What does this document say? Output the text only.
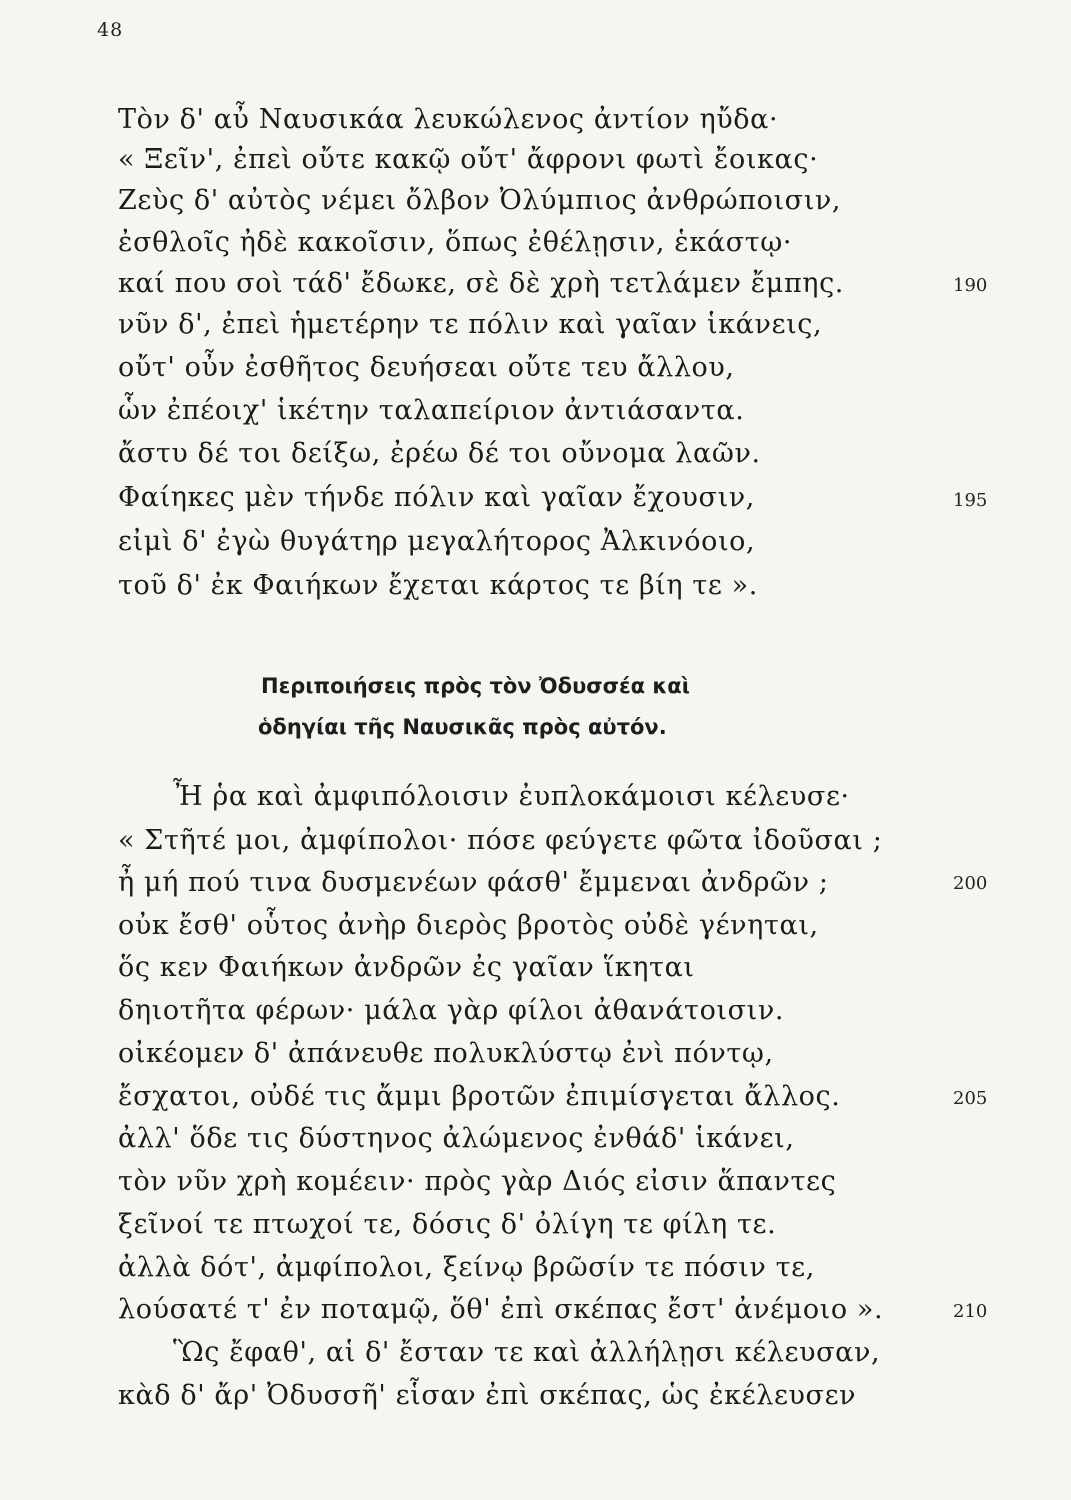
48
Τὸν δ' αὖ Ναυσικάα λευκώλενος ἀντίον ηὔδα·
« Ξεῖν', ἐπεὶ οὔτε κακῷ οὔτ' ἄφρονι φωτὶ ἔοικας·
Ζεὺς δ' αὐτὸς νέμει ὄλβον Ὀλύμπιος ἀνθρώποισιν,
ἐσθλοῖς ἠδὲ κακοῖσιν, ὅπως ἐθέλῃσιν, ἑκάστῳ·
καί που σοὶ τάδ' ἔδωκε, σὲ δὲ χρὴ τετλάμεν ἔμπης.	190
νῦν δ', ἐπεὶ ἡμετέρην τε πόλιν καὶ γαῖαν ἱκάνεις,
οὔτ' οὖν ἐσθῆτος δευήσεαι οὔτε τευ ἄλλου,
ὧν ἐπέοιχ' ἱκέτην ταλαπείριον ἀντιάσαντα.
ἄστυ δέ τοι δείξω, ἐρέω δέ τοι οὔνομα λαῶν.
Φαίηκες μὲν τήνδε πόλιν καὶ γαῖαν ἔχουσιν,	195
εἰμὶ δ' ἐγὼ θυγάτηρ μεγαλήτορος Ἀλκινόοιο,
τοῦ δ' ἐκ Φαιήκων ἔχεται κάρτος τε βίη τε ».
Περιποιήσεις πρὸς τὸν Ὀδυσσέα καὶ
ὁδηγίαι τῆς Ναυσικᾶς πρὸς αὐτόν.
Ἦ ῥα καὶ ἀμφιπόλοισιν ἐυπλοκάμοισι κέλευσε·
« Στῆτέ μοι, ἀμφίπολοι· πόσε φεύγετε φῶτα ἰδοῦσαι ;
ἦ μή πού τινα δυσμενέων φάσθ' ἔμμεναι ἀνδρῶν ;	200
οὐκ ἔσθ' οὗτος ἀνὴρ διερὸς βροτὸς οὐδὲ γένηται,
ὅς κεν Φαιήκων ἀνδρῶν ἐς γαῖαν ἵκηται
δηιοτῆτα φέρων· μάλα γὰρ φίλοι ἀθανάτοισιν.
οἰκέομεν δ' ἀπάνευθε πολυκλύστῳ ἐνὶ πόντῳ,
ἔσχατοι, οὐδέ τις ἄμμι βροτῶν ἐπιμίσγεται ἄλλος.	205
ἀλλ' ὅδε τις δύστηνος ἀλώμενος ἐνθάδ' ἱκάνει,
τὸν νῦν χρὴ κομέειν· πρὸς γὰρ Διός εἰσιν ἅπαντες
ξεῖνοί τε πτωχοί τε, δόσις δ' ὀλίγη τε φίλη τε.
ἀλλὰ δότ', ἀμφίπολοι, ξείνῳ βρῶσίν τε πόσιν τε,
λούσατέ τ' ἐν ποταμῷ, ὅθ' ἐπὶ σκέπας ἔστ' ἀνέμοιο ».	210
Ὣς ἔφαθ', αἱ δ' ἔσταν τε καὶ ἀλλήλῃσι κέλευσαν,
κὰδ δ' ἄρ' Ὀδυσσῆ' εἷσαν ἐπὶ σκέπας, ὡς ἐκέλευσεν
